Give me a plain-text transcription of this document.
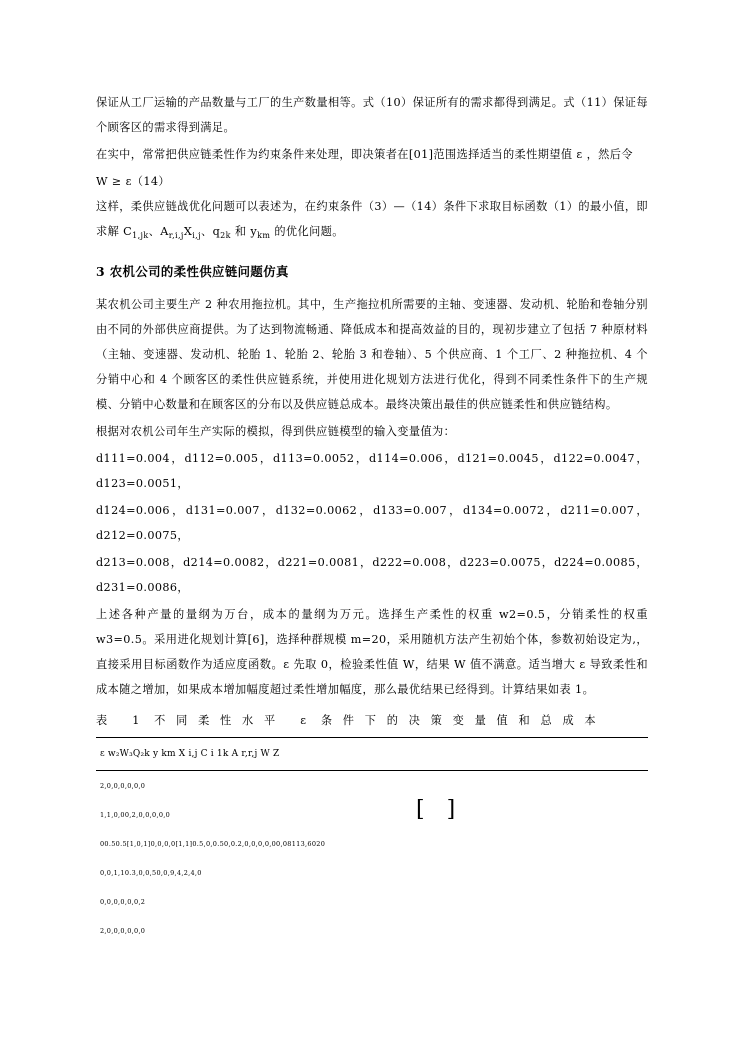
保证从工厂运输的产品数量与工厂的生产数量相等。式（10）保证所有的需求都得到满足。式（11）保证每个顾客区的需求得到满足。

在实中，常常把供应链柔性作为约束条件来处理，即决策者在[01]范围选择适当的柔性期望值 ε ，然后令

W ≥ ε（14）

这样，柔供应链战优化问题可以表述为，在约束条件（3）—（14）条件下求取目标函数（1）的最小值，即求解 $C_{1,jk}$、$A_{r,i,j}X_{i,j}$、$q_{2k}$ 和 $y_{km}$ 的优化问题。

3 农机公司的柔性供应链问题仿真

某农机公司主要生产 2 种农用拖拉机。其中，生产拖拉机所需要的主轴、变速器、发动机、轮胎和卷轴分别由不同的外部供应商提供。为了达到物流畅通、降低成本和提高效益的目的，现初步建立了包括 7 种原材料（主轴、变速器、发动机、轮胎 1、轮胎 2、轮胎 3 和卷轴）、5 个供应商、1 个工厂、2 种拖拉机、4 个分销中心和 4 个顾客区的柔性供应链系统，并使用进化规划方法进行优化，得到不同柔性条件下的生产规模、分销中心数量和在顾客区的分布以及供应链总成本。最终决策出最佳的供应链柔性和供应链结构。

根据对农机公司年生产实际的模拟，得到供应链模型的输入变量值为：

d111=0.004，d112=0.005，d113=0.0052，d114=0.006，d121=0.0045，d122=0.0047，d123=0.0051，

d124=0.006，d131=0.007，d132=0.0062，d133=0.007，d134=0.0072，d211=0.007，d212=0.0075，

d213=0.008，d214=0.0082，d221=0.0081，d222=0.008，d223=0.0075，d224=0.0085，d231=0.0086，

上述各种产量的量纲为万台，成本的量纲为万元。选择生产柔性的权重 w2=0.5，分销柔性的权重 w3=0.5。采用进化规划计算[6]，选择种群规模 m=20，采用随机方法产生初始个体，参数初始设定为,，直接采用目标函数作为适应度函数。ε 先取 0，检验柔性值 W，结果 W 值不满意。适当增大 ε 导致柔性和成本随之增加，如果成本增加幅度超过柔性增加幅度，那么最优结果已经得到。计算结果如表 1。

表 1 不同柔性水平 ε 条件下的决策变量值和总成本

ε w₂W₃Q₂k y km X i,j C i 1k A r,r,j W Z

[]

2,0,0,0,0,0,0

1,1,0,00,2,0,0,0,0,0

00.50.5[1,0,1]0,0,0,0[1,1]0.5,0,0.50,0.2,0,0,0,0,00,08113,6020

0,0,1,10.3,0,0,50,0,9,4,2,4,0

0,0,0,0,0,0,2

2,0,0,0,0,0,0
